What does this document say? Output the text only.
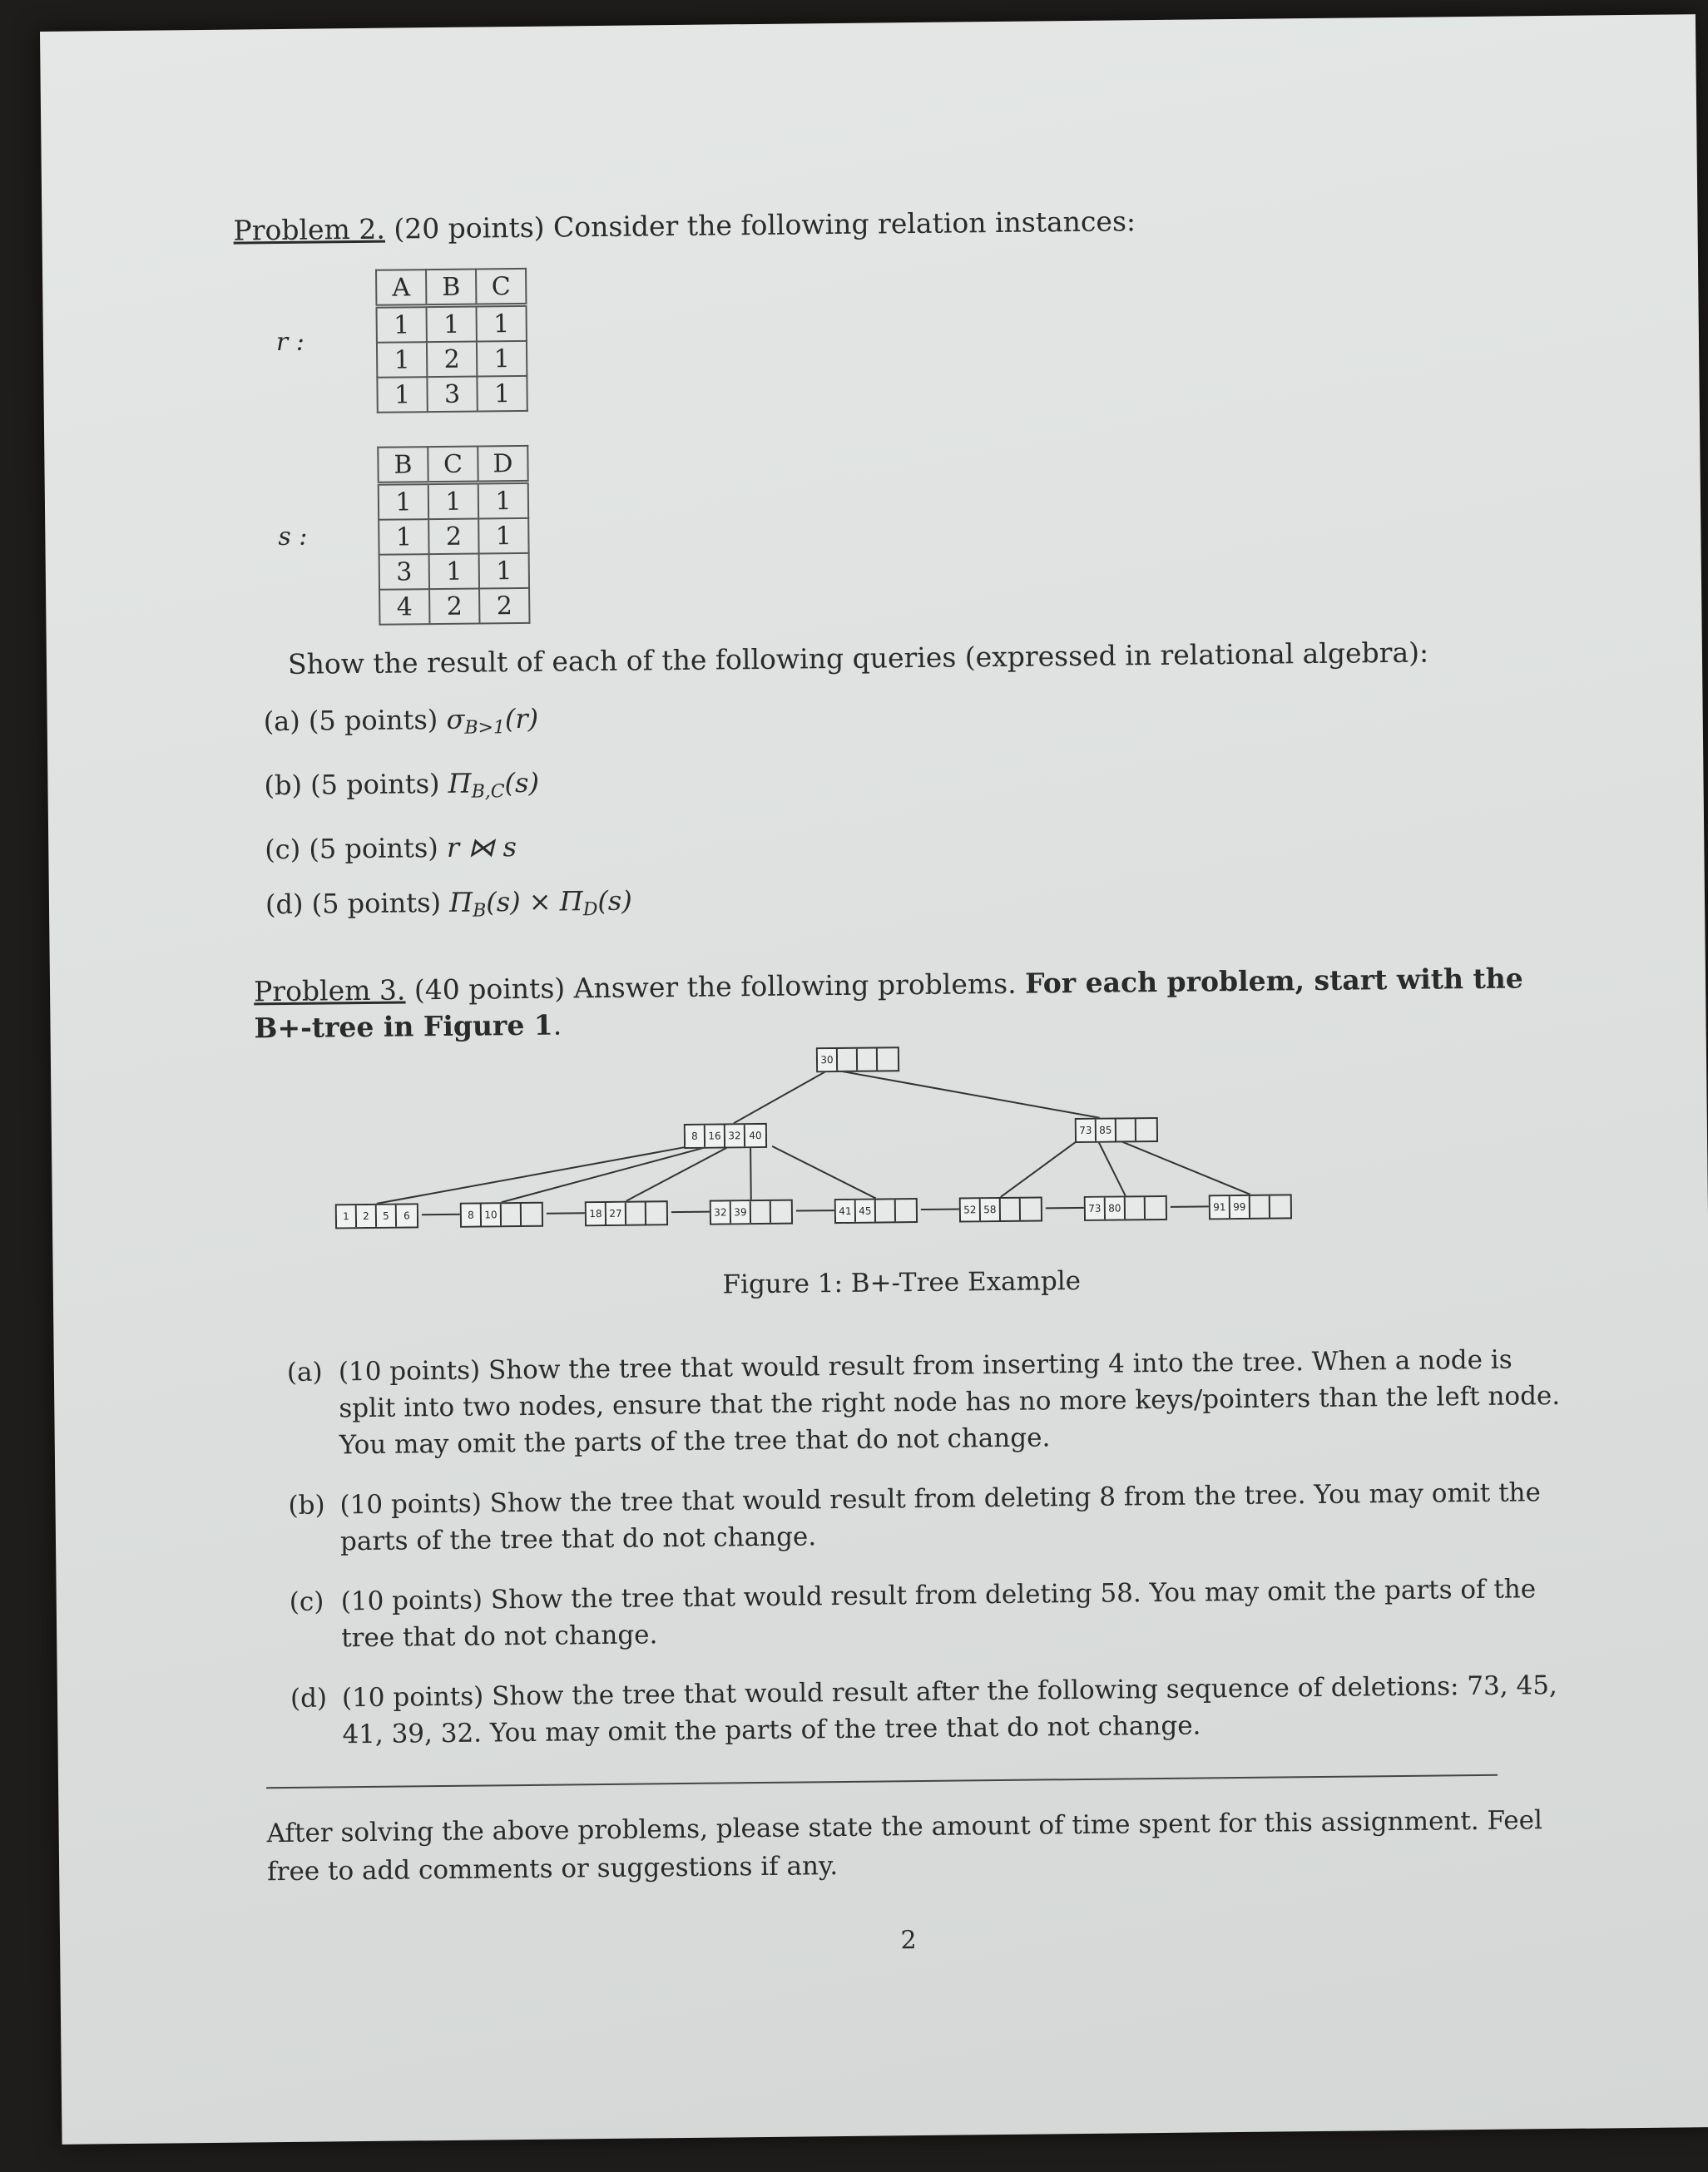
Problem 2. (20 points) Consider the following relation instances:

r :
A	B	C
1	1	1
1	2	1
1	3	1
s :
B	C	D
1	1	1
1	2	1
3	1	1
4	2	2

Show the result of each of the following queries (expressed in relational algebra):

(a) (5 points) $\sigma_{B>1}(r)$

(b) (5 points) $\Pi_{B,C}(s)$

(c) (5 points) r ⋈ s

(d) (5 points) $\Pi_B(s) \times \Pi_D(s)$

Problem 3. (40 points) Answer the following problems. For each problem, start with the
B+-tree in Figure 1.

30
8	16 32 40	73 85
1	2	5	6	8	10	18 27	32 39	41 45	52 58	73 80	91 99
Figure 1: B+-Tree Example
(a) (10 points) Show the tree that would result from inserting 4 into the tree. When a node is split into two nodes, ensure that the right node has no more keys/pointers than the left node. You may omit the parts of the tree that do not change.
(b) (10 points) Show the tree that would result from deleting 8 from the tree. You may omit the parts of the tree that do not change.
(c) (10 points) Show the tree that would result from deleting 58. You may omit the parts of the tree that do not change.
(d) (10 points) Show the tree that would result after the following sequence of deletions: 73, 45, 41, 39, 32. You may omit the parts of the tree that do not change.

After solving the above problems, please state the amount of time spent for this assignment. Feel free to add comments or suggestions if any.

2
